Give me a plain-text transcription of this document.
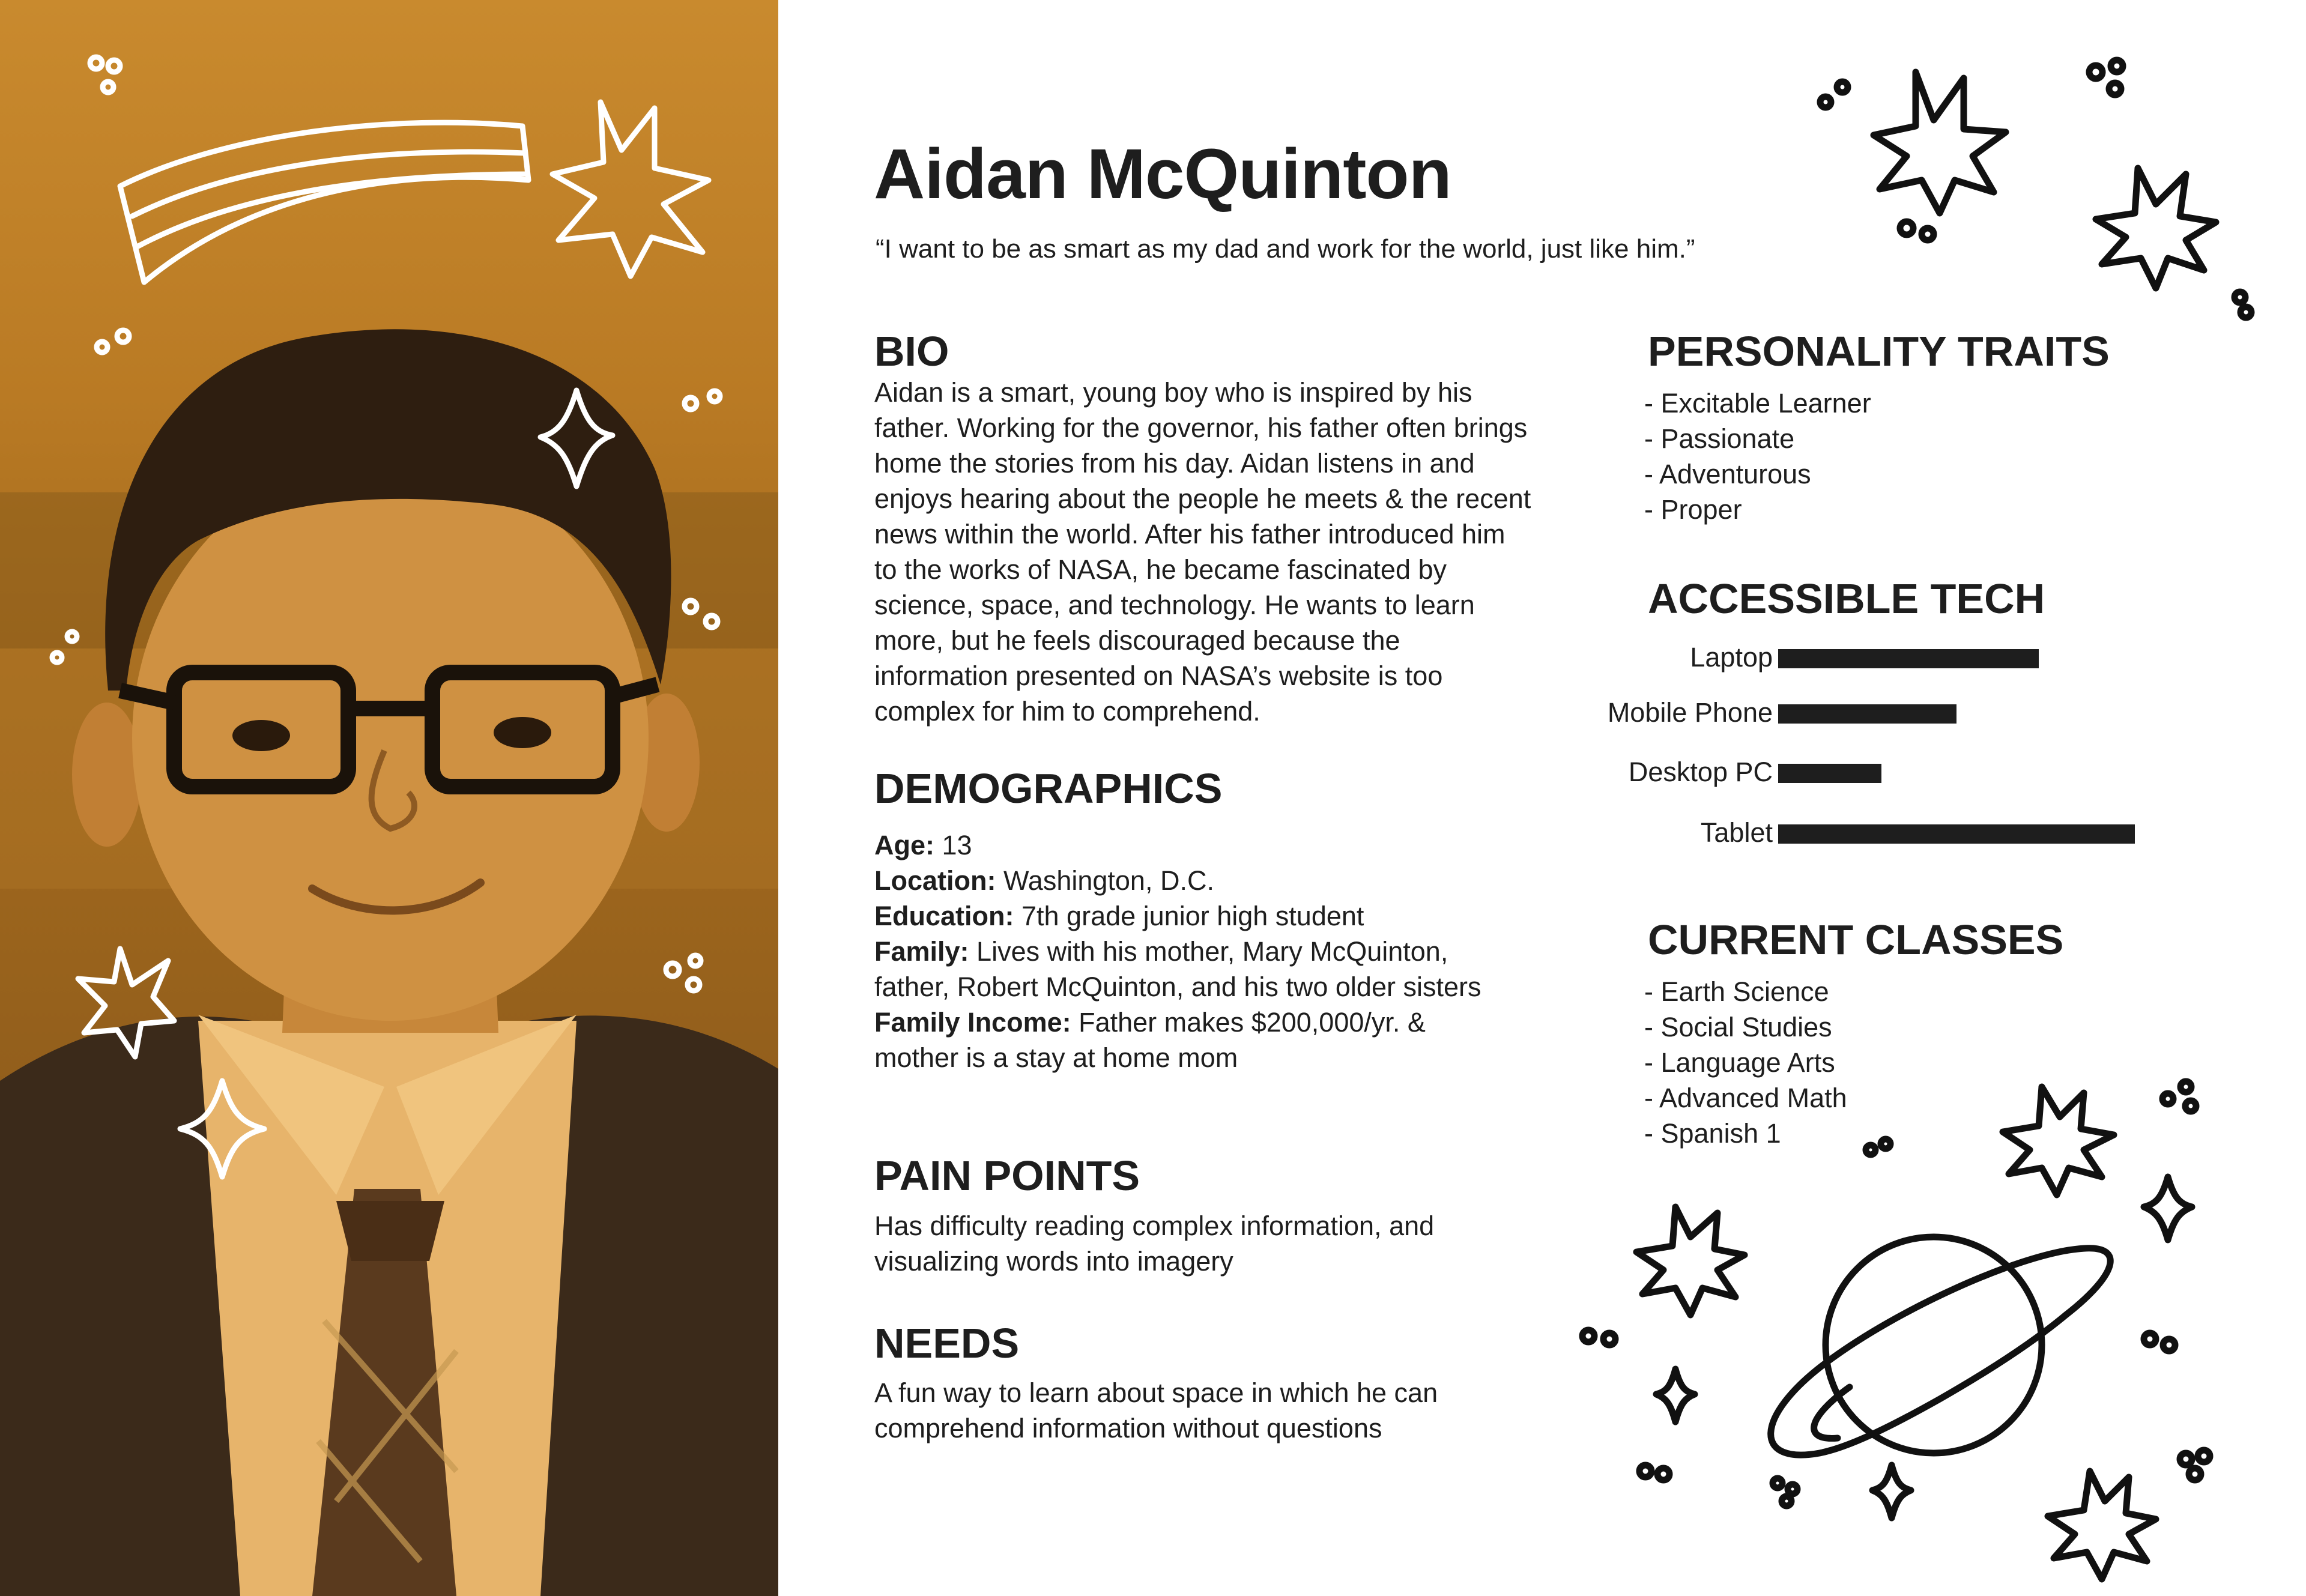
Aidan McQuinton
“I want to be as smart as my dad and work for the world, just like him.”
BIO
Aidan is a smart, young boy who is inspired by his father. Working for the governor, his father often brings home the stories from his day. Aidan listens in and enjoys hearing about the people he meets & the recent news within the world. After his father introduced him to the works of NASA, he became fascinated by science, space, and technology. He wants to learn more, but he feels discouraged because the information presented on NASA’s website is too complex for him to comprehend.
DEMOGRAPHICS
Age: 13
Location: Washington, D.C.
Education: 7th grade junior high student
Family: Lives with his mother, Mary McQuinton, father, Robert McQuinton, and his two older sisters
Family Income: Father makes $200,000/yr. & mother is a stay at home mom
PAIN POINTS
Has difficulty reading complex information, and visualizing words into imagery
NEEDS
A fun way to learn about space in which he can comprehend information without questions
PERSONALITY TRAITS
- Excitable Learner
- Passionate
- Adventurous
- Proper
ACCESSIBLE TECH
Laptop
Mobile Phone
Desktop PC
Tablet
CURRENT CLASSES
- Earth Science
- Social Studies
- Language Arts
- Advanced Math
- Spanish 1
